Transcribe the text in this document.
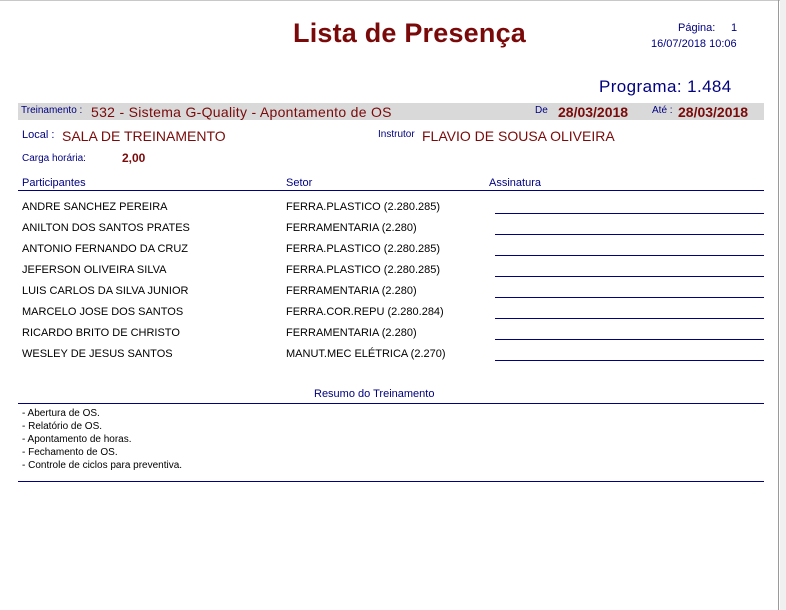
Lista de Presença	Página: 1
16/07/2018 10:06
Programa: 1.484
Treinamento : 532 - Sistema G-Quality - Apontamento de OS	De 28/03/2018 Até : 28/03/2018
Local : SALA DE TREINAMENTO	Instrutor FLAVIO DE SOUSA OLIVEIRA
Carga horária:	2,00
Participantes	Setor	Assinatura
ANDRE SANCHEZ PEREIRA	FERRA.PLASTICO (2.280.285)
ANILTON DOS SANTOS PRATES	FERRAMENTARIA (2.280)
ANTONIO FERNANDO DA CRUZ	FERRA.PLASTICO (2.280.285)
JEFERSON OLIVEIRA SILVA	FERRA.PLASTICO (2.280.285)
LUIS CARLOS DA SILVA JUNIOR	FERRAMENTARIA (2.280)
MARCELO JOSE DOS SANTOS	FERRA.COR.REPU (2.280.284)
RICARDO BRITO DE CHRISTO	FERRAMENTARIA (2.280)
WESLEY DE JESUS SANTOS	MANUT.MEC ELÉTRICA (2.270)
Resumo do Treinamento
- Abertura de OS.
- Relatório de OS.
- Apontamento de horas.
- Fechamento de OS.
- Controle de ciclos para preventiva.
